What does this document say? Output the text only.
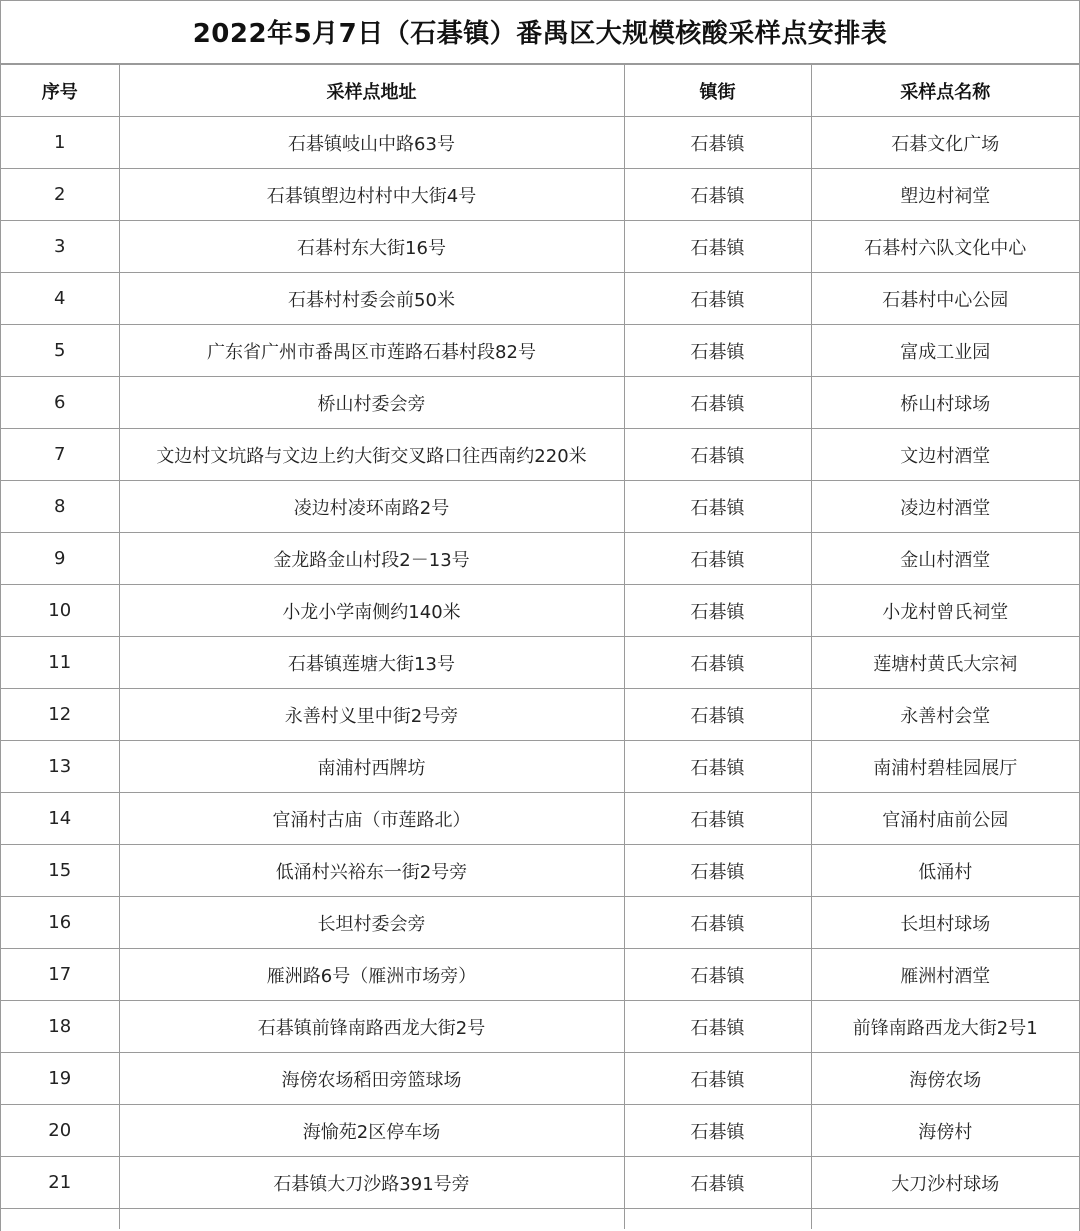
2022年5月7日（石碁镇）番禺区大规模核酸采样点安排表
序号	采样点地址	镇街	采样点名称
1	石碁镇岐山中路63号	石碁镇	石碁文化广场
2	石碁镇塱边村村中大街4号	石碁镇	塱边村祠堂
3	石碁村东大街16号	石碁镇	石碁村六队文化中心
4	石碁村村委会前50米	石碁镇	石碁村中心公园
5	广东省广州市番禺区市莲路石碁村段82号	石碁镇	富成工业园
6	桥山村委会旁	石碁镇	桥山村球场
7	文边村文坑路与文边上约大街交叉路口往西南约220米	石碁镇	文边村酒堂
8	凌边村凌环南路2号	石碁镇	凌边村酒堂
9	金龙路金山村段2－13号	石碁镇	金山村酒堂
10	小龙小学南侧约140米	石碁镇	小龙村曾氏祠堂
11	石碁镇莲塘大街13号	石碁镇	莲塘村黄氏大宗祠
12	永善村义里中街2号旁	石碁镇	永善村会堂
13	南浦村西牌坊	石碁镇	南浦村碧桂园展厅
14	官涌村古庙（市莲路北）	石碁镇	官涌村庙前公园
15	低涌村兴裕东一街2号旁	石碁镇	低涌村
16	长坦村委会旁	石碁镇	长坦村球场
17	雁洲路6号（雁洲市场旁）	石碁镇	雁洲村酒堂
18	石碁镇前锋南路西龙大街2号	石碁镇	前锋南路西龙大街2号1
19	海傍农场稻田旁篮球场	石碁镇	海傍农场
20	海愉苑2区停车场	石碁镇	海傍村
21	石碁镇大刀沙路391号旁	石碁镇	大刀沙村球场
